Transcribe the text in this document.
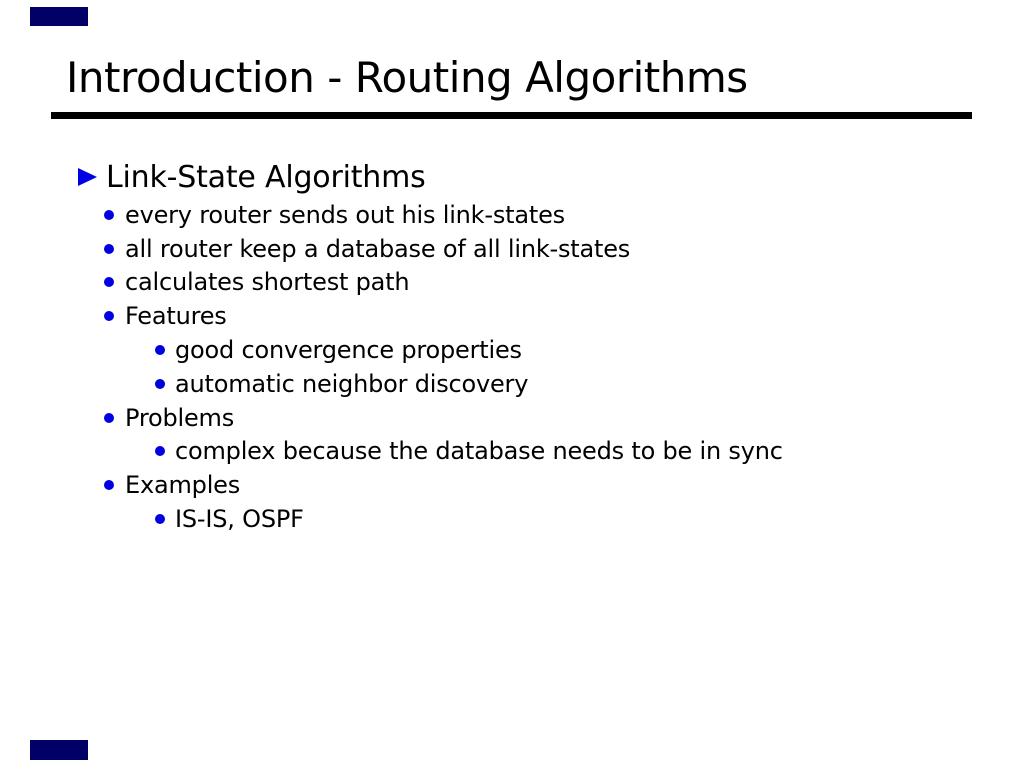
Introduction - Routing Algorithms
Link-State Algorithms
every router sends out his link-states
all router keep a database of all link-states
calculates shortest path
Features
good convergence properties
automatic neighbor discovery
Problems
complex because the database needs to be in sync
Examples
IS-IS, OSPF
